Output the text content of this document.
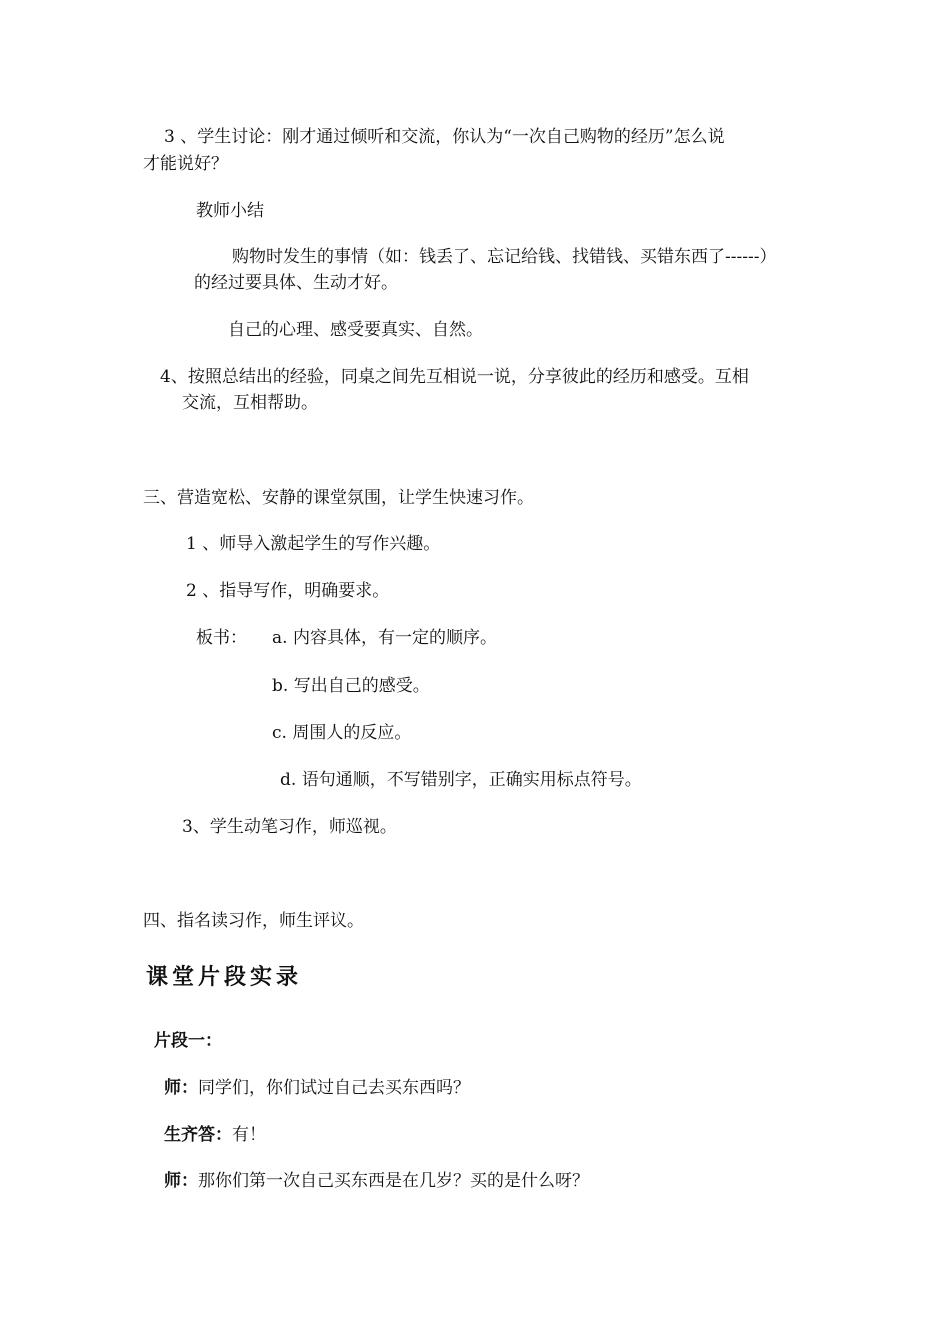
3 、学生讨论：刚才通过倾听和交流，你认为“一次自己购物的经历”怎么说
才能说好？
教师小结
购物时发生的事情（如：钱丢了、忘记给钱、找错钱、买错东西了------）
的经过要具体、生动才好。
自己的心理、感受要真实、自然。
4、按照总结出的经验，同桌之间先互相说一说，分享彼此的经历和感受。互相
交流，互相帮助。
三、营造宽松、安静的课堂氛围，让学生快速习作。
1 、师导入激起学生的写作兴趣。
2 、指导写作，明确要求。
板书： a. 内容具体，有一定的顺序。
b. 写出自己的感受。
c. 周围人的反应。
d. 语句通顺，不写错别字，正确实用标点符号。
3、学生动笔习作，师巡视。
四、指名读习作，师生评议。
课堂片段实录
片段一：
师：同学们，你们试过自己去买东西吗？
生齐答：有！
师：那你们第一次自己买东西是在几岁？买的是什么呀？
